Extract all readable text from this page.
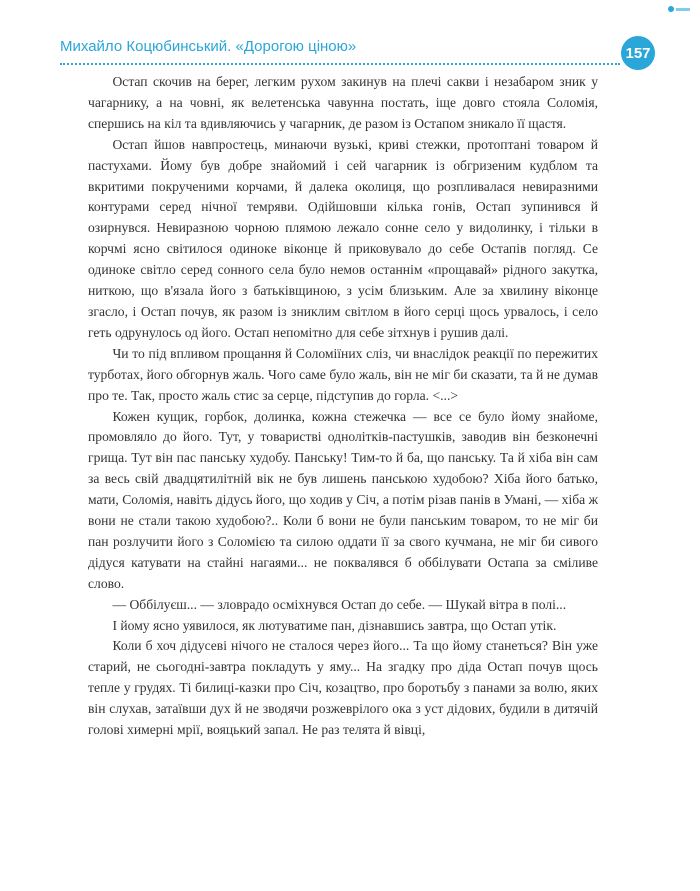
Михайло Коцюбинський. «Дорогою ціною»	157

Остап скочив на берег, легким рухом закинув на плечі сакви і незабаром зник у чагарнику, а на човні, як велетенська чавунна постать, іще довго стояла Соломія, спершись на кіл та вдивляючись у чагарник, де разом із Остапом зникало її щастя.

Остап йшов навпростець, минаючи вузькі, криві стежки, протоптані товаром й пастухами. Йому був добре знайомий і сей чагарник із обгризеним кудблом та вкритими покрученими корчами, й далека околиця, що розпливалася невиразними контурами серед нічної темряви. Одійшовши кілька гонів, Остап зупинився й озирнувся. Невиразною чорною плямою лежало сонне село у видолинку, і тільки в корчмі ясно світилося одинокe віконце й приковувало до себе Остапів погляд. Се одинокe світло серед сонного села було немов останнім «прощавай» рідного закутка, ниткою, що в'язала його з батьківщиною, з усім близьким. Але за хвилину віконце згасло, і Остап почув, як разом із зниклим світлом в його серці щось урвалось, і село геть одрунулось од його. Остап непомітно для себе зітхнув і рушив далі.

Чи то під впливом прощання й Соломіїних сліз, чи внаслідок реакції по пережитих турботах, його обгорнув жаль. Чого саме було жаль, він не міг би сказати, та й не думав про те. Так, просто жаль стис за серце, підступив до горла. <...>

Кожен кущик, горбок, долинка, кожна стежечка — все се було йому знайоме, промовляло до його. Тут, у товаристві однолітків-пастушків, заводив він безконечні грища. Тут він пас панську худобу. Панську! Тим-то й ба, що панську. Та й хіба він сам за весь свій двадцятилітній вік не був лишень панською худобою? Хіба його батько, мати, Соломія, навіть дідусь його, що ходив у Січ, а потім різав панів в Умані, — хіба ж вони не стали такою худобою?.. Коли б вони не були панським товаром, то не міг би пан розлучити його з Соломією та силою оддати її за свого кучмана, не міг би сивого дідуся катувати на стайні нагаями... не поквалявся б оббілувати Остапа за сміливе слово.

— Оббілуєш... — зловрадо осміхнувся Остап до себе. — Шукай вітра в полі...

І йому ясно уявилося, як лютуватиме пан, дізнавшись завтра, що Остап утік.

Коли б хоч дідусеві нічого не сталося через його... Та що йому станеться? Він уже старий, не сьогодні-завтра покладуть у яму... На згадку про діда Остап почув щось тепле у грудях. Ті билиці-казки про Січ, козацтво, про боротьбу з панами за волю, яких він слухав, затаївши дух й не зводячи розжеврілого ока з уст дідових, будили в дитячій голові химерні мрії, вояцький запал. Не раз телята й вівці,
